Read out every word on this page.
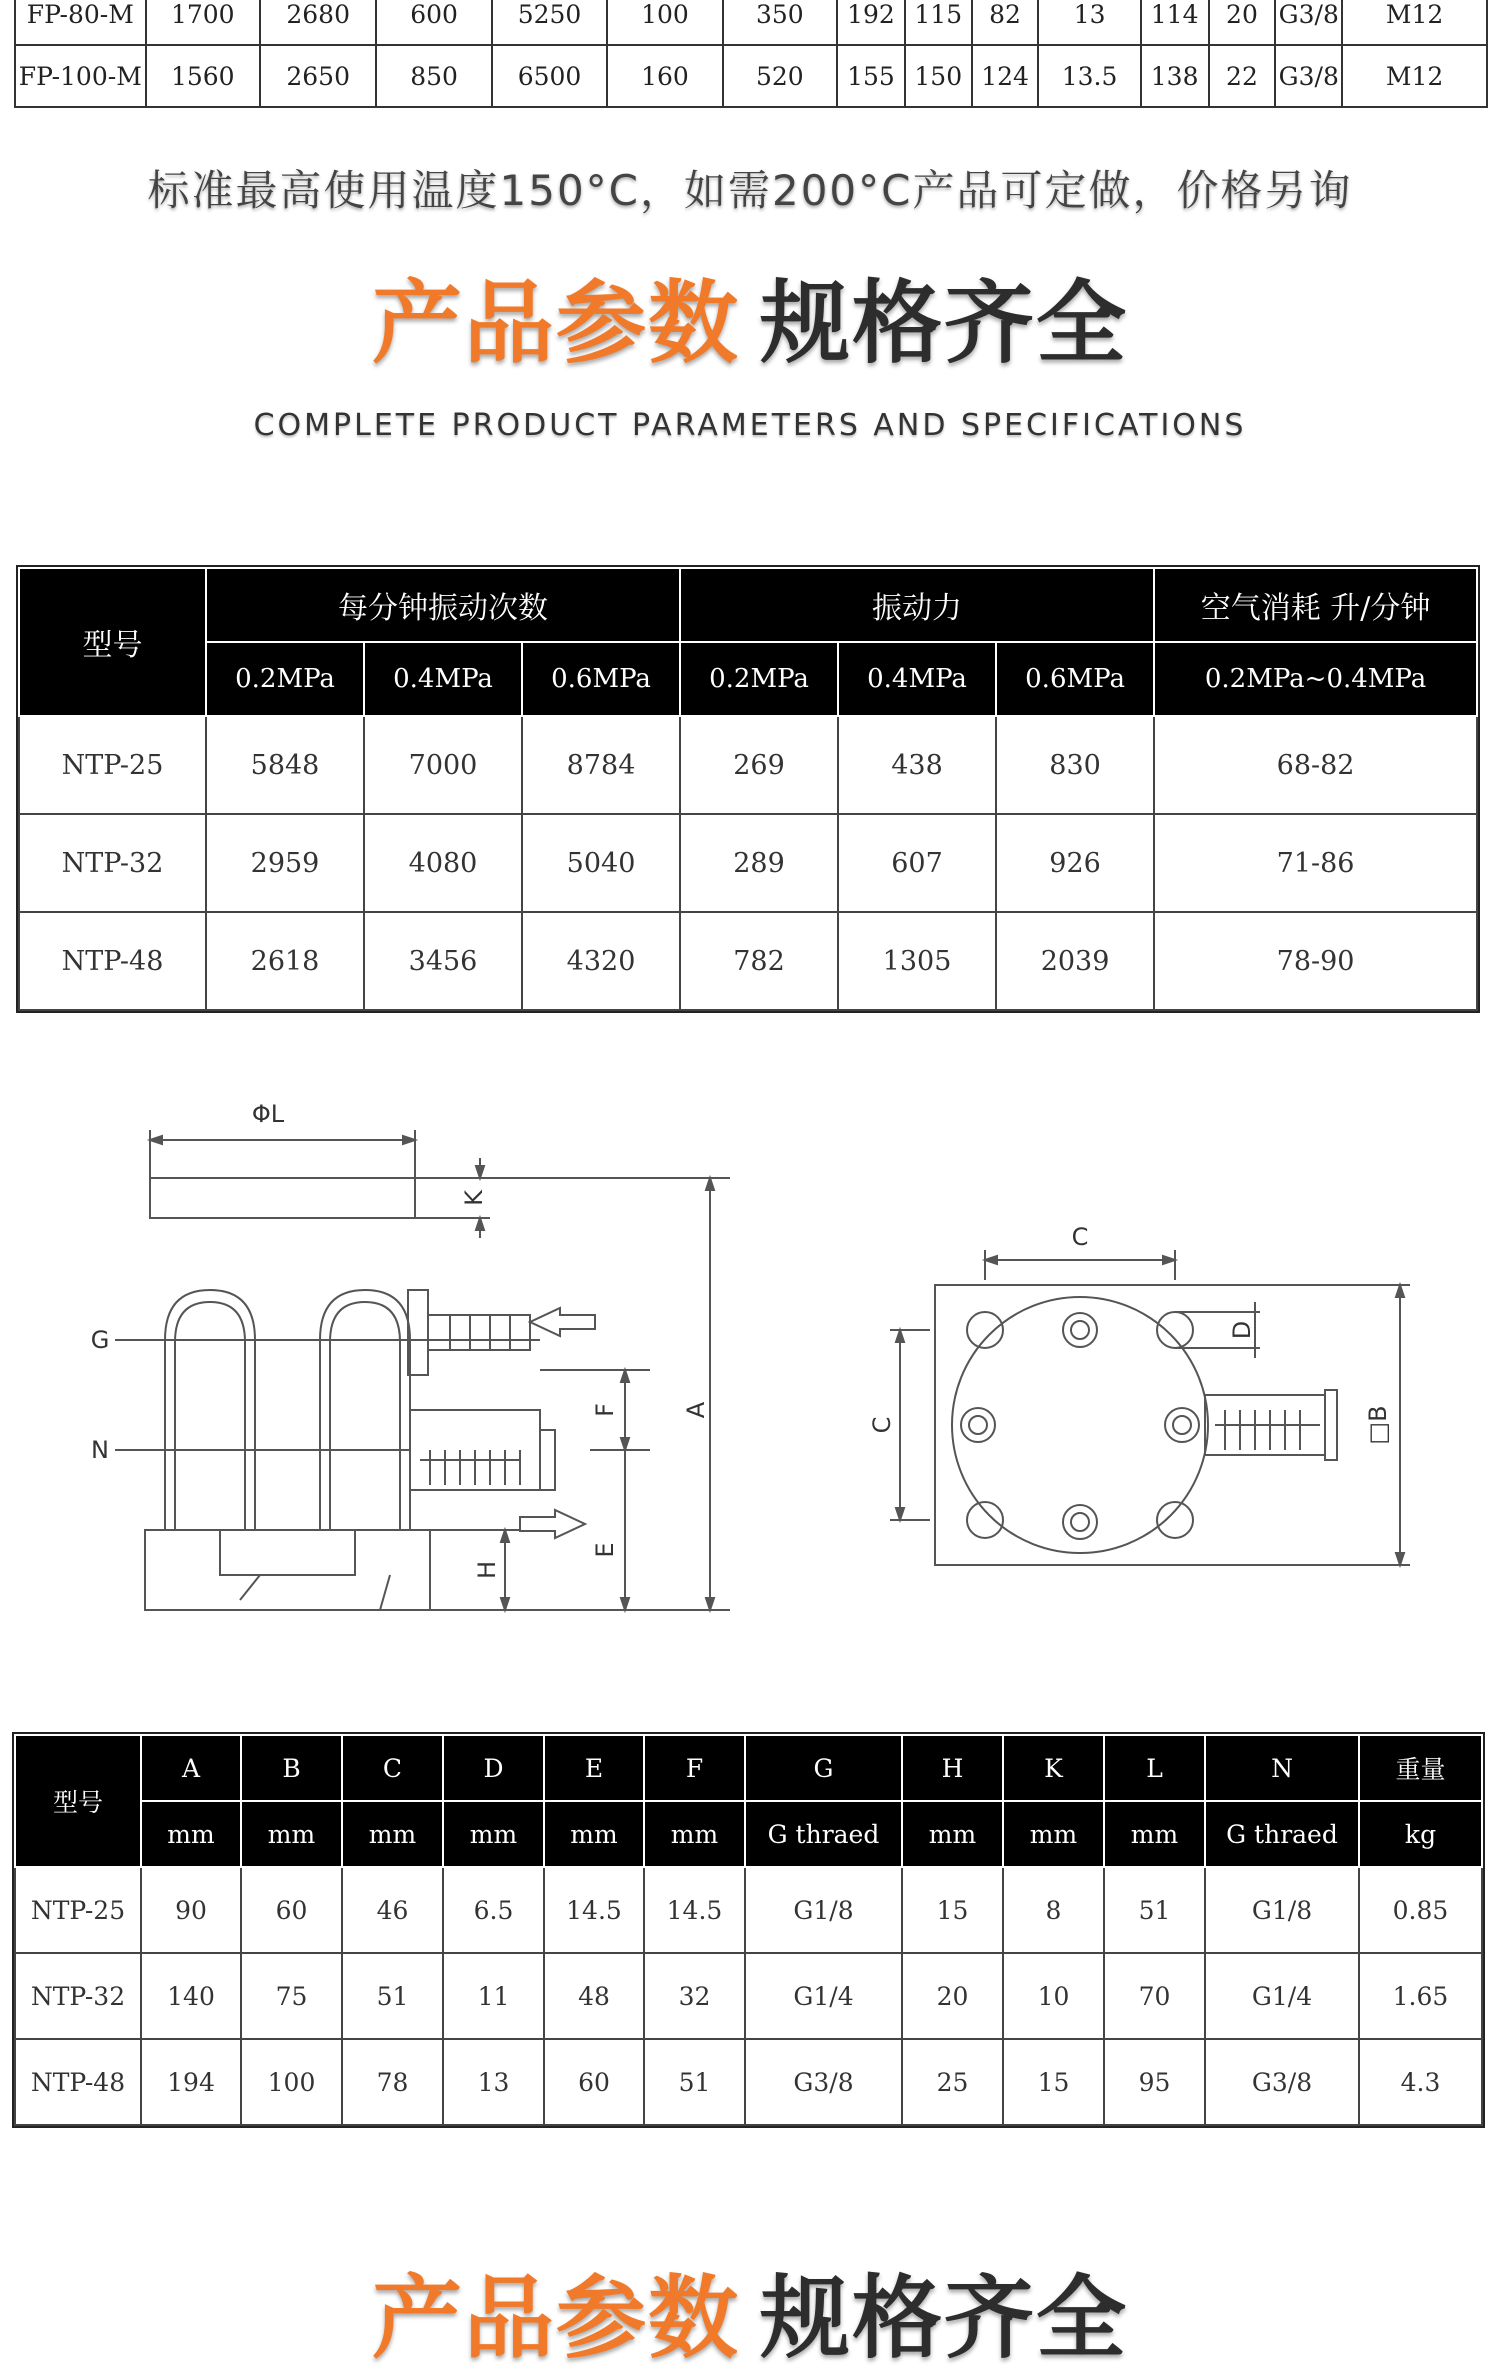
FP-80-M	1700	2680	600	5250	100	350	192	115	82	13	114	20	G3/8	M12
FP-100-M	1560	2650	850	6500	160	520	155	150	124	13.5	138	22	G3/8	M12
标准最高使用温度150°C，如需200°C产品可定做，价格另询
产品参数 规格齐全
COMPLETE PRODUCT PARAMETERS AND SPECIFICATIONS
型号	每分钟振动次数			振动力			空气消耗 升/分钟
	0.2MPa	0.4MPa	0.6MPa	0.2MPa	0.4MPa	0.6MPa	0.2MPa~0.4MPa
NTP-25	5848	7000	8784	269	438	830	68-82
NTP-32	2959	4080	5040	289	607	926	71-86
NTP-48	2618	3456	4320	782	1305	2039	78-90
ΦL
K
G
N
F	A
E
H
C
C
D
□B
型号	A	B	C	D	E	F	G	H	K	L	N	重量
	mm	mm	mm	mm	mm	mm	G thraed	mm	mm	mm	G thraed	kg
NTP-25	90	60	46	6.5	14.5	14.5	G1/8	15	8	51	G1/8	0.85
NTP-32	140	75	51	11	48	32	G1/4	20	10	70	G1/4	1.65
NTP-48	194	100	78	13	60	51	G3/8	25	15	95	G3/8	4.3
产品参数 规格齐全
